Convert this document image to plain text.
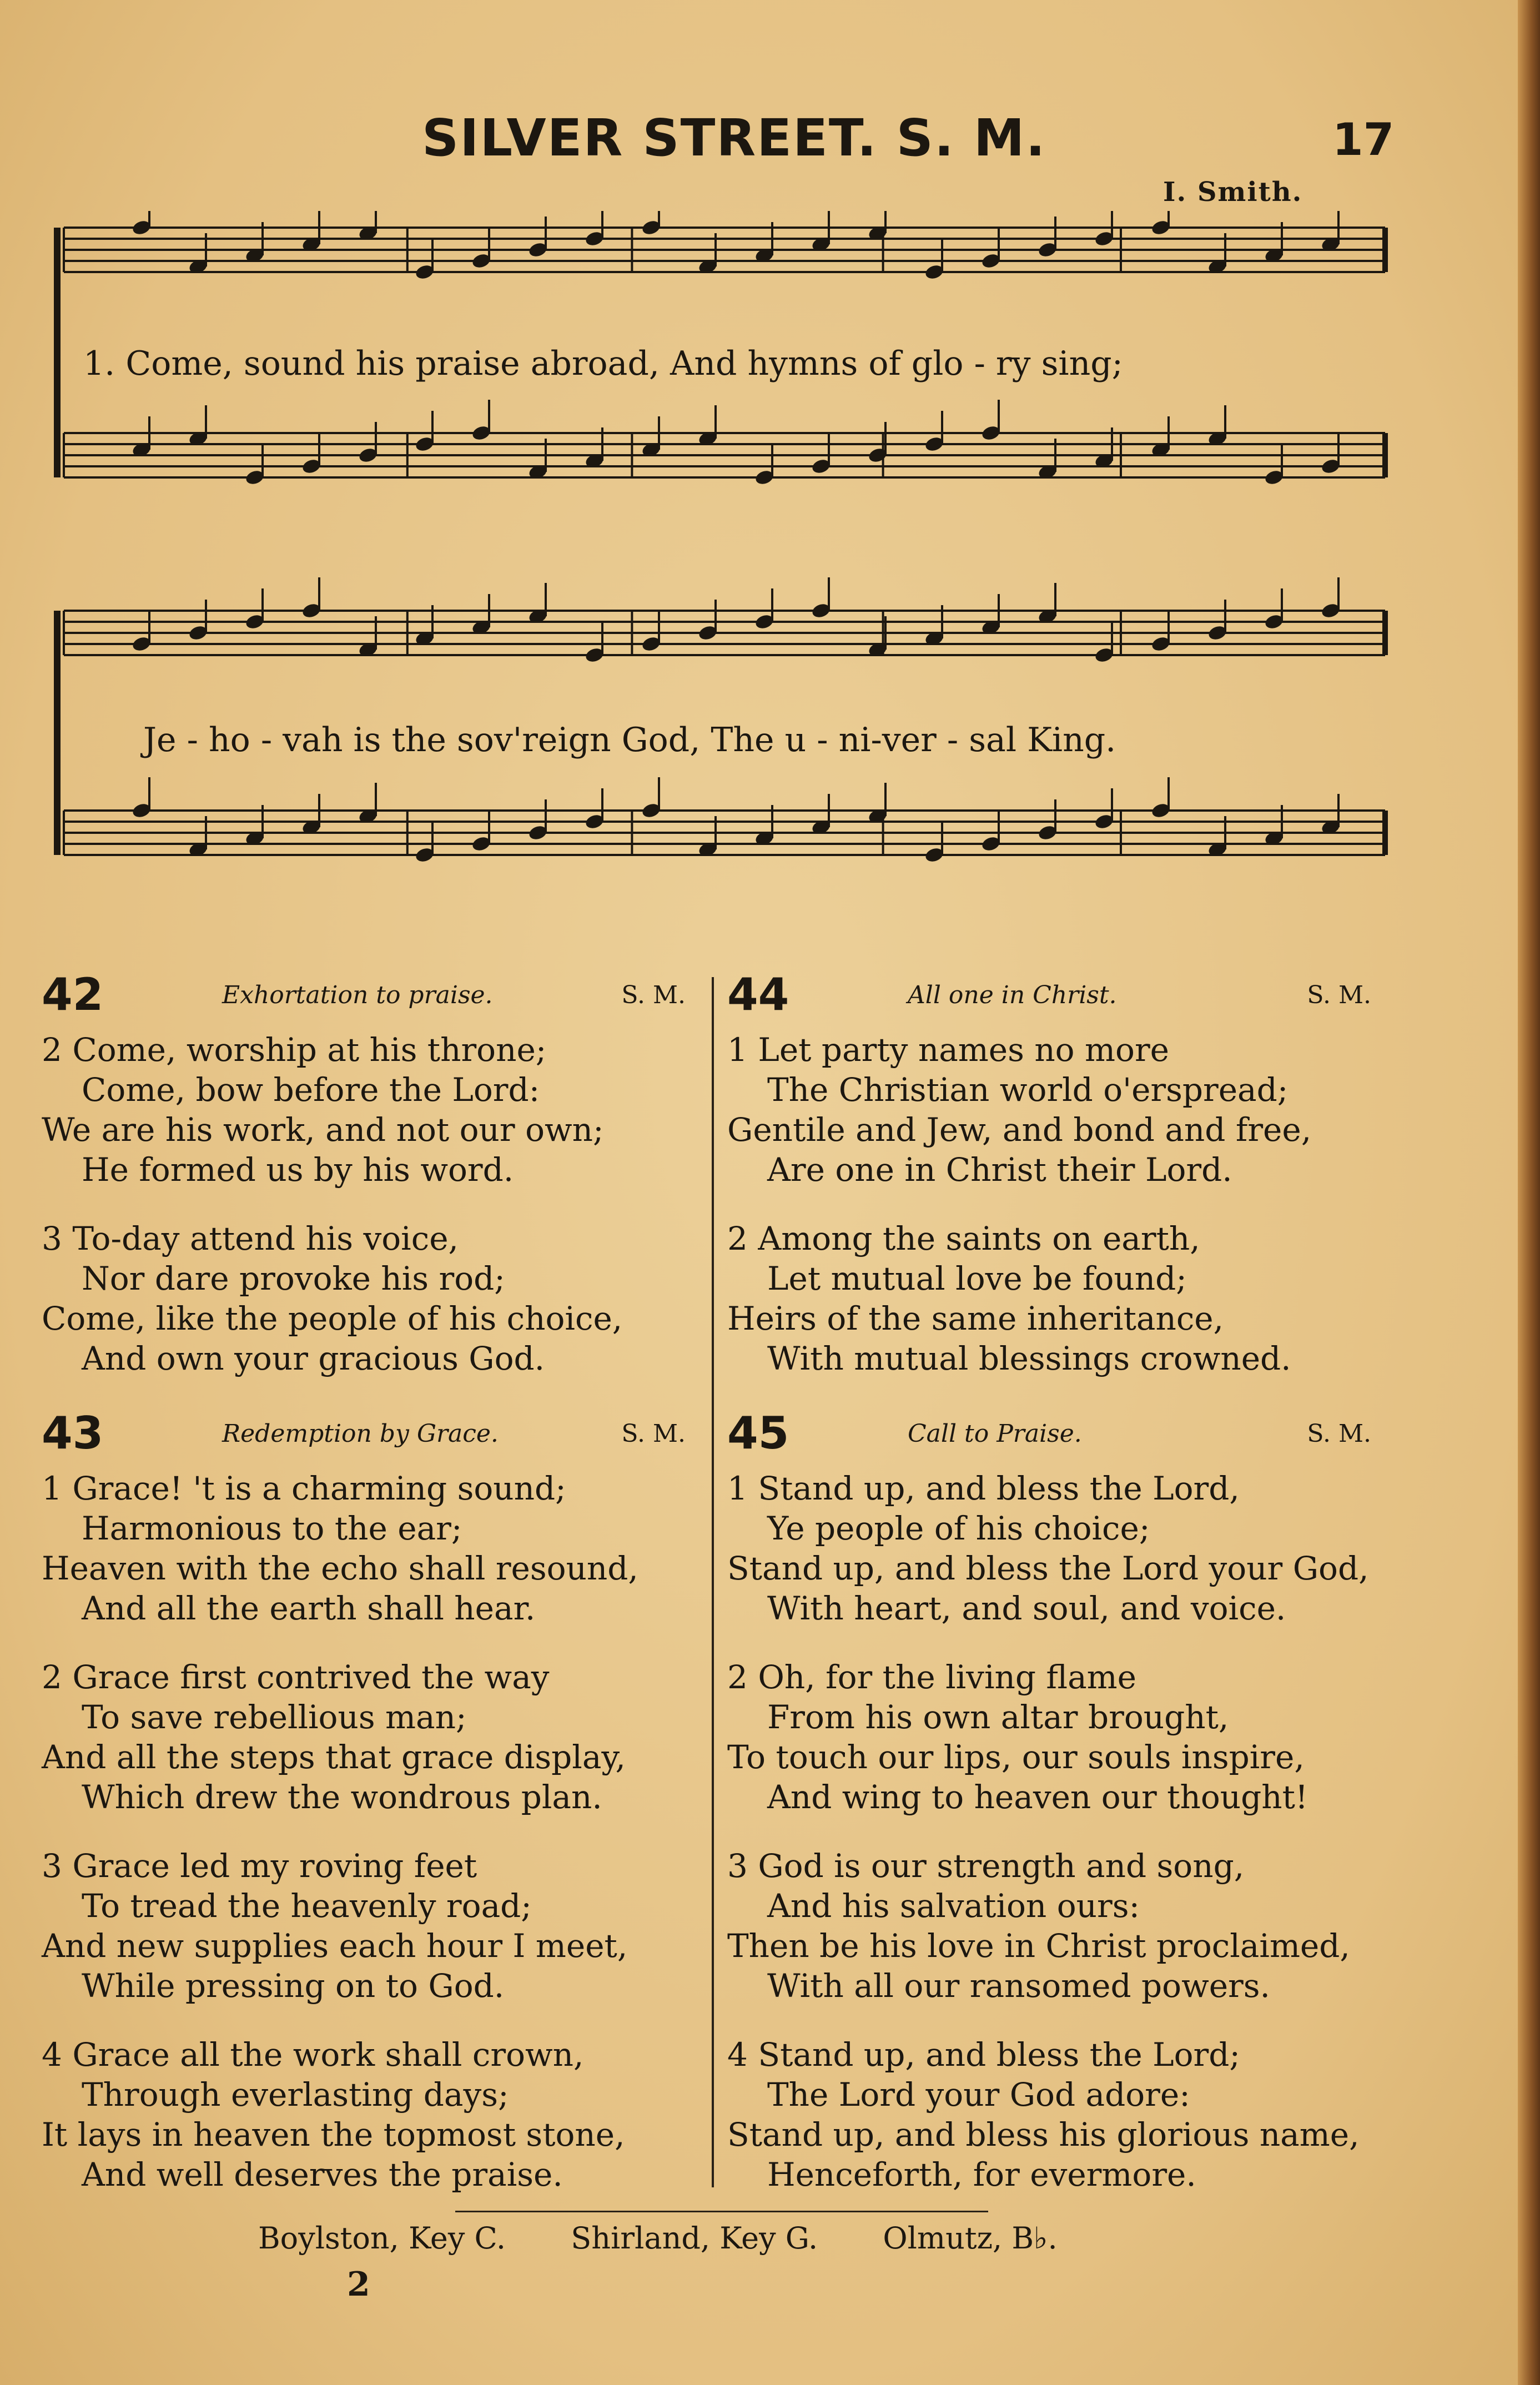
SILVER STREET. S. M.	17
I. Smith.
1. Come, sound his praise abroad, And hymns of glo - ry sing;
Je - ho - vah is the sov'reign God, The u - ni-ver - sal King.
42	Exhortation to praise.	S. M.
2 Come, worship at his throne;
Come, bow before the Lord:
We are his work, and not our own;
He formed us by his word.
3 To-day attend his voice,
Nor dare provoke his rod;
Come, like the people of his choice,
And own your gracious God.
43	Redemption by Grace.	S. M.
1 Grace! 't is a charming sound;
Harmonious to the ear;
Heaven with the echo shall resound,
And all the earth shall hear.
2 Grace first contrived the way
To save rebellious man;
And all the steps that grace display,
Which drew the wondrous plan.
3 Grace led my roving feet
To tread the heavenly road;
And new supplies each hour I meet,
While pressing on to God.
4 Grace all the work shall crown,
Through everlasting days;
It lays in heaven the topmost stone,
And well deserves the praise.
44	All one in Christ.	S. M.
1 Let party names no more
The Christian world o'erspread;
Gentile and Jew, and bond and free,
Are one in Christ their Lord.
2 Among the saints on earth,
Let mutual love be found;
Heirs of the same inheritance,
With mutual blessings crowned.
45	Call to Praise.	S. M.
1 Stand up, and bless the Lord,
Ye people of his choice;
Stand up, and bless the Lord your God,
With heart, and soul, and voice.
2 Oh, for the living flame
From his own altar brought,
To touch our lips, our souls inspire,
And wing to heaven our thought!
3 God is our strength and song,
And his salvation ours:
Then be his love in Christ proclaimed,
With all our ransomed powers.
4 Stand up, and bless the Lord;
The Lord your God adore:
Stand up, and bless his glorious name,
Henceforth, for evermore.
Boylston, Key C. Shirland, Key G. Olmutz, B♭.
2
